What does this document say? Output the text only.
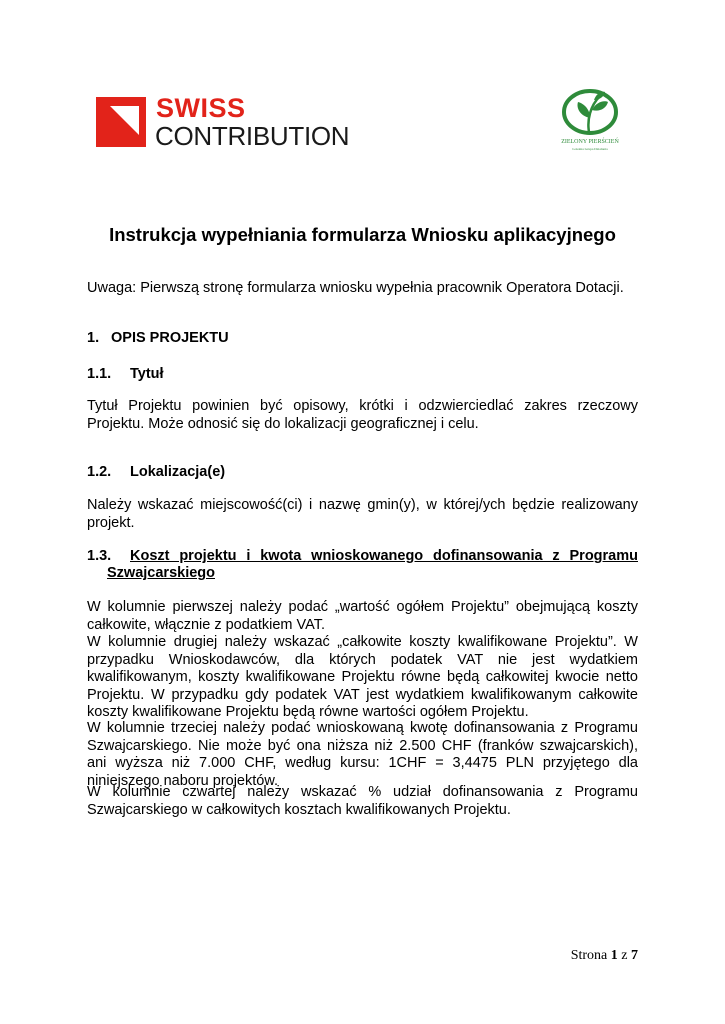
SWISS
CONTRIBUTION	ZIELONY PIERŚCIEŃ
Lokalna Grupa Działania
Instrukcja wypełniania formularza Wniosku aplikacyjnego
Uwaga: Pierwszą stronę formularza wniosku wypełnia pracownik Operatora Dotacji.
1. OPIS PROJEKTU
1.1. Tytuł
Tytuł Projektu powinien być opisowy, krótki i odzwierciedlać zakres rzeczowy Projektu. Może odnosić się do lokalizacji geograficznej i celu.
1.2. Lokalizacja(e)
Należy wskazać miejscowość(ci) i nazwę gmin(y), w której/ych będzie realizowany projekt.
1.3.	Koszt projektu i kwota wnioskowanego dofinansowania z Programu
Szwajcarskiego
W kolumnie pierwszej należy podać „wartość ogółem Projektu” obejmującą koszty całkowite, włącznie z podatkiem VAT.
W kolumnie drugiej należy wskazać „całkowite koszty kwalifikowane Projektu”. W przypadku Wnioskodawców, dla których podatek VAT nie jest wydatkiem kwalifikowanym, koszty kwalifikowane Projektu równe będą całkowitej kwocie netto Projektu. W przypadku gdy podatek VAT jest wydatkiem kwalifikowanym całkowite koszty kwalifikowane Projektu będą równe wartości ogółem Projektu.
W kolumnie trzeciej należy podać wnioskowaną kwotę dofinansowania z Programu Szwajcarskiego. Nie może być ona niższa niż 2.500 CHF (franków szwajcarskich), ani wyższa niż 7.000 CHF, według kursu: 1CHF = 3,4475 PLN przyjętego dla niniejszego naboru projektów.
W kolumnie czwartej należy wskazać % udział dofinansowania z Programu Szwajcarskiego w całkowitych kosztach kwalifikowanych Projektu.
Strona 1 z 7
